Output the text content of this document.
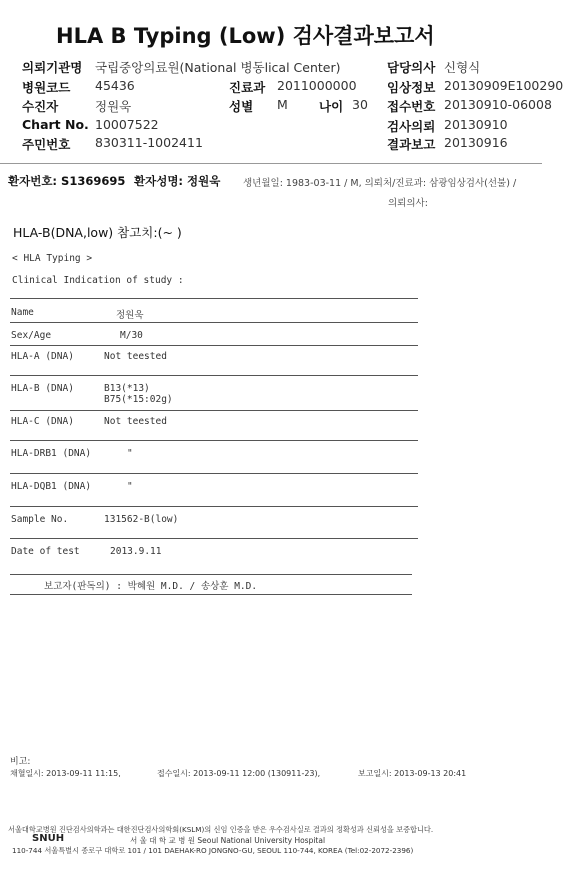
HLA B Typing (Low) 검사결과보고서
의뢰기관명 국립중앙의료원(National 병동lical Center)	담당의사 신형식
병원코드 45436	진료과 2011000000 임상정보 20130909E100290
수진자	정원욱	성별 M 나이 30 접수번호 20130910-06008
Chart No. 10007522	검사의뢰 20130910
주민번호 830311-1002411	결과보고 20130916
환자번호: S1369695 환자성명: 정원욱 생년월일: 1983-03-11 / M, 의뢰처/진료과: 삼광임상검사(선불) /
의뢰의사:
HLA-B(DNA,low) 참고치:(~ )
< HLA Typing >
Clinical Indication of study :
Name	정원욱
Sex/Age	M/30
HLA-A (DNA)	Not teested
HLA-B (DNA)	B13(*13)
B75(*15:02g)
HLA-C (DNA)	Not teested
HLA-DRB1 (DNA)	"
HLA-DQB1 (DNA)	"
Sample No.	131562-B(low)
Date of test	2013.9.11
보고자(판독의) : 박혜원 M.D. / 송상훈 M.D.
비고:
채혈일시: 2013-09-11 11:15,	접수일시: 2013-09-11 12:00 (130911-23),	보고일시: 2013-09-13 20:41
서울대학교병원 진단검사의학과는 대한진단검사의학회(KSLM)의 신임 인증을 받은 우수검사실로 결과의 정확성과 신뢰성을 보증합니다.
SNUH	서 울 대 학 교 병 원 Seoul National University Hospital
110-744 서울특별시 종로구 대학로 101 / 101 DAEHAK-RO JONGNO-GU, SEOUL 110-744, KOREA (Tel:02-2072-2396)
